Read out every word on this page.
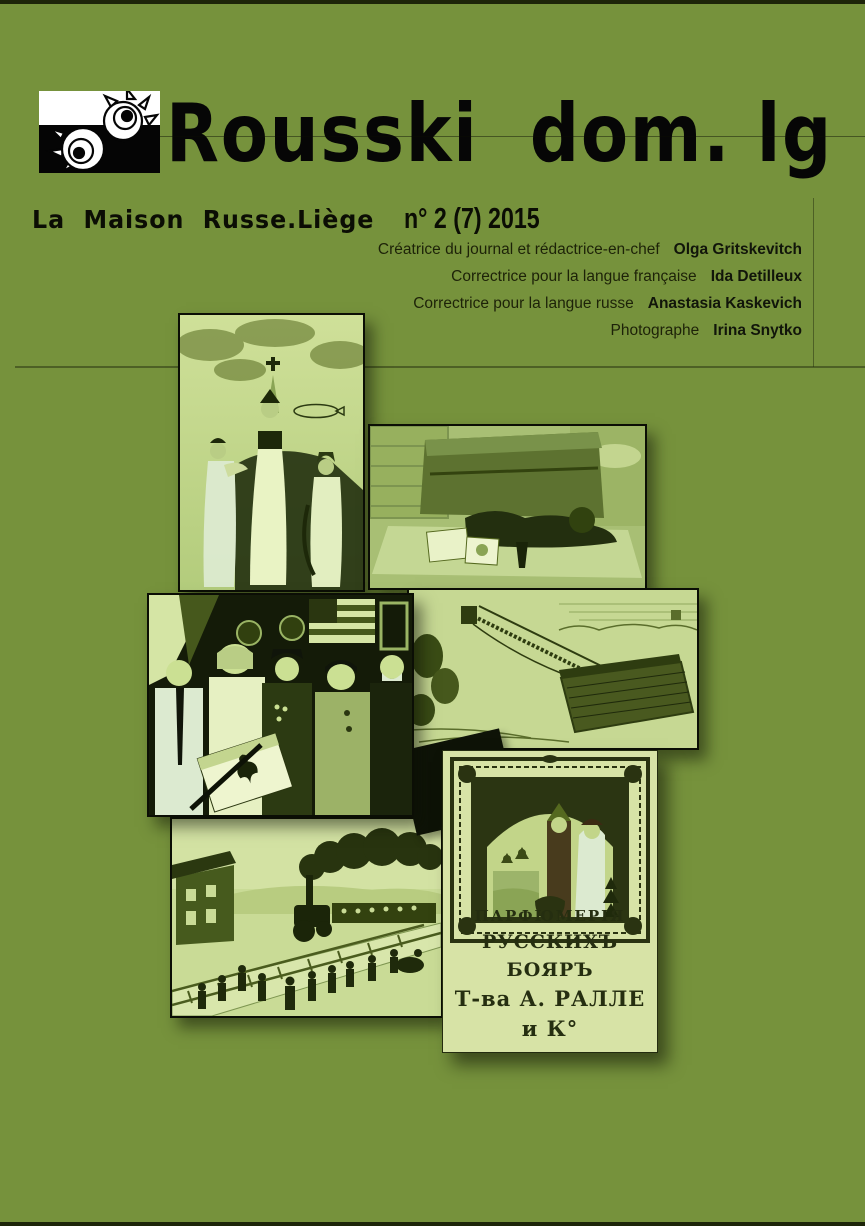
Rousski  dom. lg
La  Maison  Russe.Liège n° 2 (7) 2015
Créatrice du journal et rédactrice-en-chef Olga Gritskevitch
Correctrice pour la langue française Ida Detilleux
Correctrice pour la langue russe Anastasia Kaskevich
Photographe Irina Snytko
ПАРФЮМЕРІЯ
РУССКИХЪ БОЯРЪ
Т-ва А. РАЛЛЕ и К°
